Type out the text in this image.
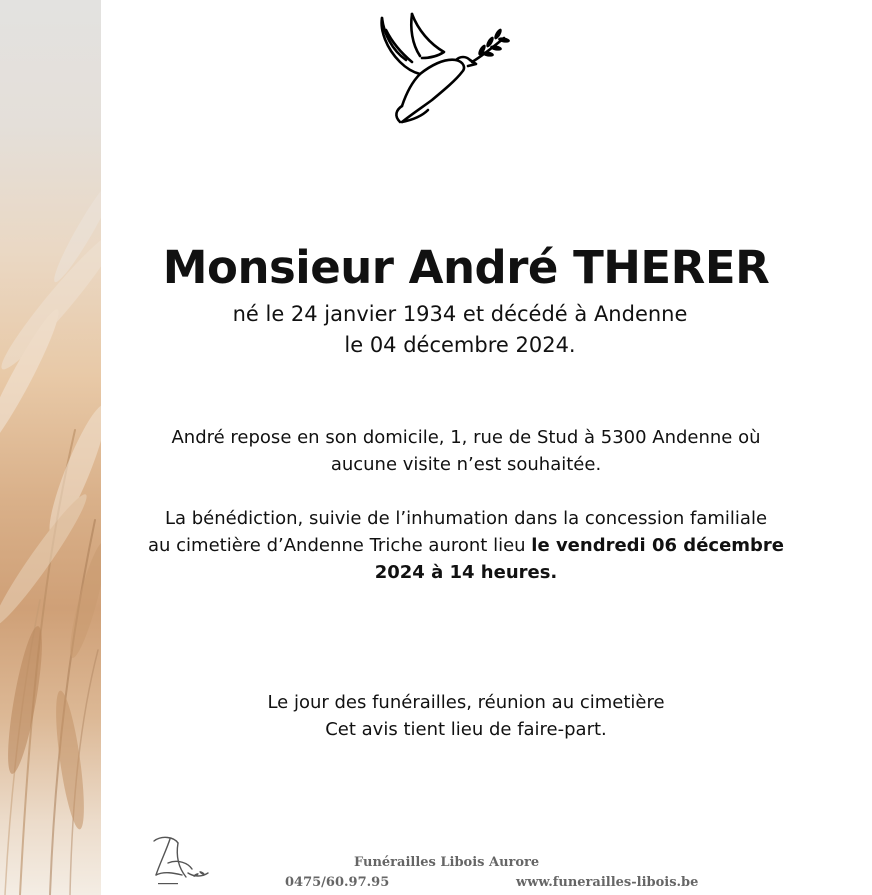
Monsieur André THERER
né le 24 janvier 1934 et décédé à Andenne
le 04 décembre 2024.
André repose en son domicile, 1, rue de Stud à 5300 Andenne où
aucune visite n’est souhaitée.
La bénédiction, suivie de l’inhumation dans la concession familiale
au cimetière d’Andenne Triche auront lieu le vendredi 06 décembre
2024 à 14 heures.
Le jour des funérailles, réunion au cimetière
Cet avis tient lieu de faire-part.
Funérailles Libois Aurore
0475/60.97.95	www.funerailles-libois.be
